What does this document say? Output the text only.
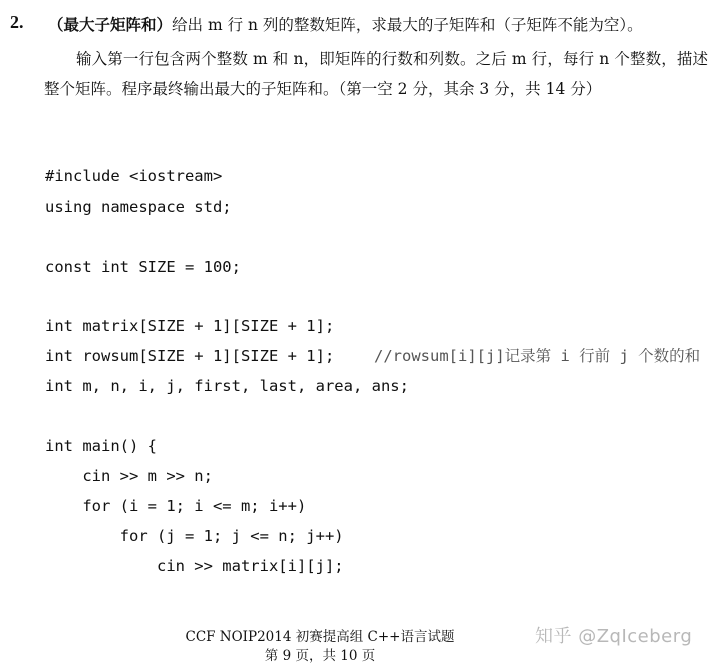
2. （最大子矩阵和）给出 m 行 n 列的整数矩阵，求最大的子矩阵和（子矩阵不能为空）。

输入第一行包含两个整数 m 和 n，即矩阵的行数和列数。之后 m 行，每行 n 个整数，描述整个矩阵。程序最终输出最大的子矩阵和。（第一空 2 分，其余 3 分，共 14 分）

#include <iostream>
using namespace std;
const int SIZE = 100;
int matrix[SIZE + 1][SIZE + 1];
int rowsum[SIZE + 1][SIZE + 1];	//rowsum[i][j]记录第 i 行前 j 个数的和
int m, n, i, j, first, last, area, ans;
int main() {
cin >> m >> n;
for (i = 1; i <= m; i++)
for (j = 1; j <= n; j++)
cin >> matrix[i][j];
CCF NOIP2014 初赛提高组 C++语言试题
第 9 页，共 10 页
知乎 @ZqIceberg
